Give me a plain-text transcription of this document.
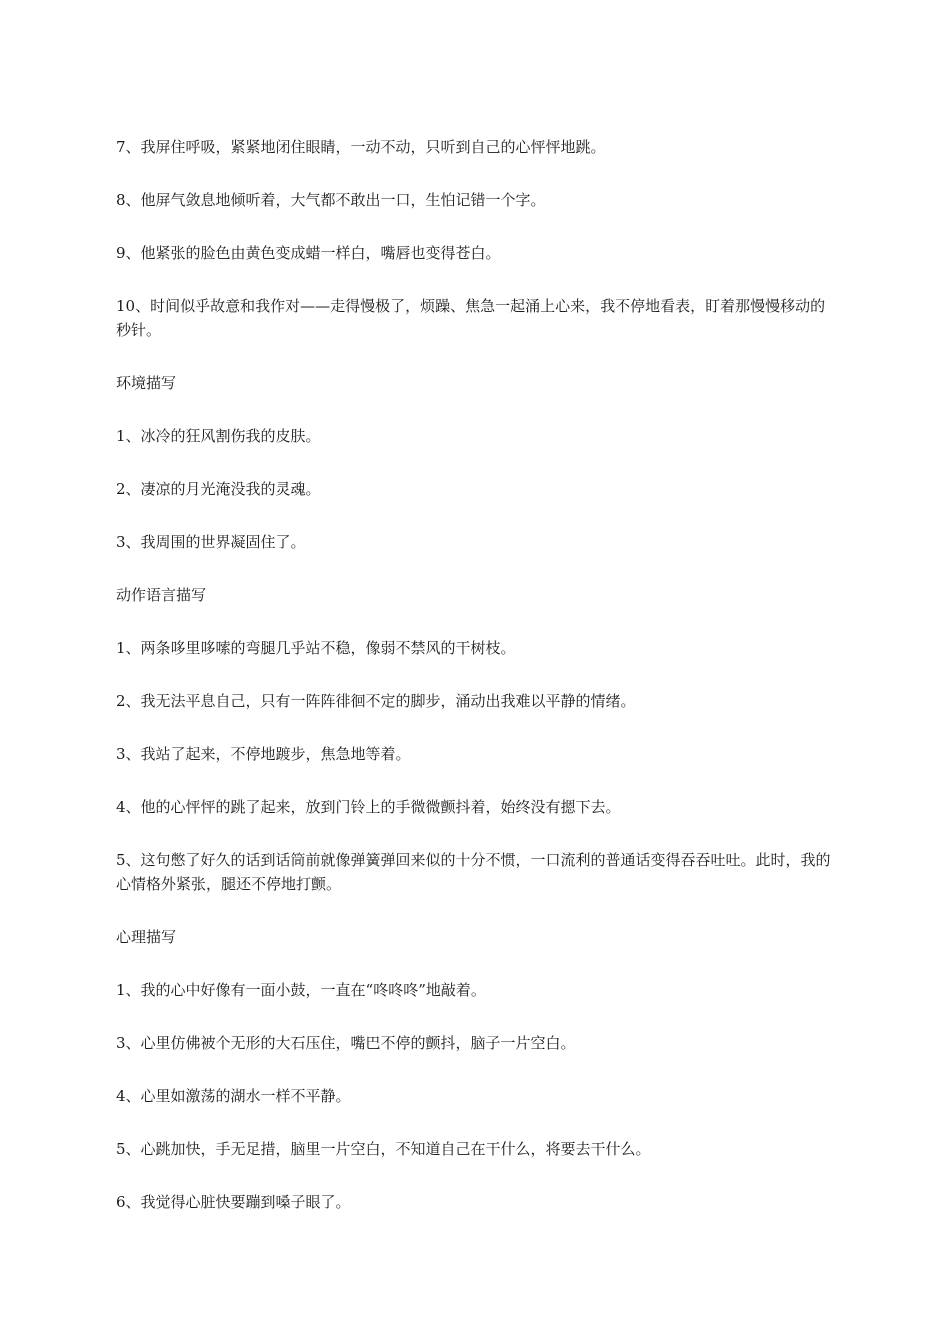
7、我屏住呼吸，紧紧地闭住眼睛，一动不动，只听到自己的心怦怦地跳。

8、他屏气敛息地倾听着，大气都不敢出一口，生怕记错一个字。

9、他紧张的脸色由黄色变成蜡一样白，嘴唇也变得苍白。

10、时间似乎故意和我作对——走得慢极了，烦躁、焦急一起涌上心来，我不停地看表，盯着那慢慢移动的秒针。

环境描写

1、冰冷的狂风割伤我的皮肤。

2、凄凉的月光淹没我的灵魂。

3、我周围的世界凝固住了。

动作语言描写

1、两条哆里哆嗦的弯腿几乎站不稳，像弱不禁风的干树枝。

2、我无法平息自己，只有一阵阵徘徊不定的脚步，涌动出我难以平静的情绪。

3、我站了起来，不停地踱步，焦急地等着。

4、他的心怦怦的跳了起来，放到门铃上的手微微颤抖着，始终没有摁下去。

5、这句憋了好久的话到话筒前就像弹簧弹回来似的十分不惯，一口流利的普通话变得吞吞吐吐。此时，我的心情格外紧张，腿还不停地打颤。

心理描写

1、我的心中好像有一面小鼓，一直在“咚咚咚”地敲着。

3、心里仿佛被个无形的大石压住，嘴巴不停的颤抖，脑子一片空白。

4、心里如激荡的湖水一样不平静。

5、心跳加快，手无足措，脑里一片空白，不知道自己在干什么，将要去干什么。

6、我觉得心脏快要蹦到嗓子眼了。
